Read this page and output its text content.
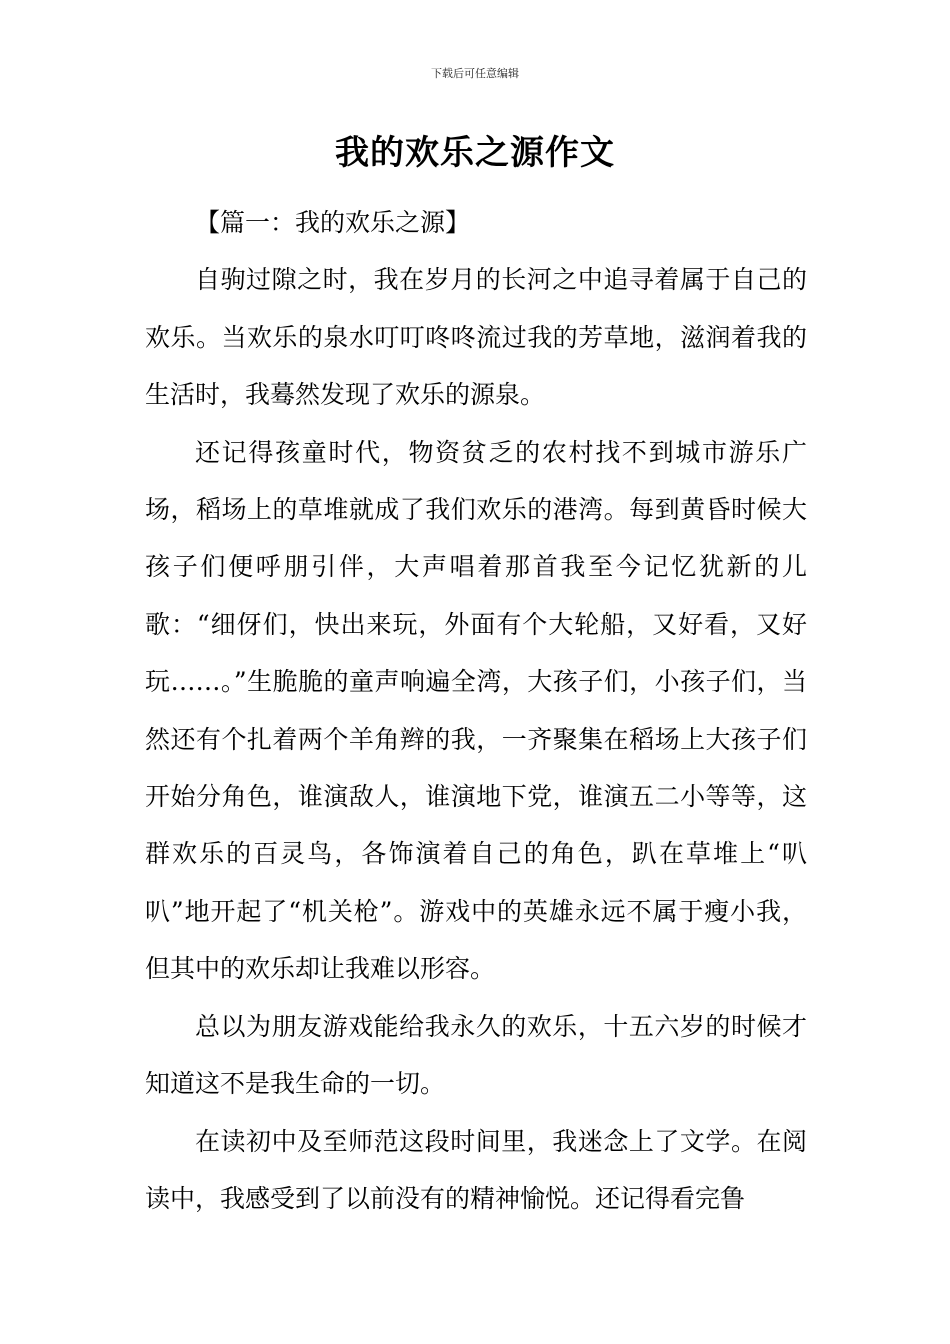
下载后可任意编辑
我的欢乐之源作文

【篇一：我的欢乐之源】

自驹过隙之时，我在岁月的长河之中追寻着属于自己的欢乐。当欢乐的泉水叮叮咚咚流过我的芳草地，滋润着我的生活时，我蓦然发现了欢乐的源泉。

还记得孩童时代，物资贫乏的农村找不到城市游乐广场，稻场上的草堆就成了我们欢乐的港湾。每到黄昏时候大孩子们便呼朋引伴，大声唱着那首我至今记忆犹新的儿歌：“细伢们，快出来玩，外面有个大轮船，又好看，又好玩……。”生脆脆的童声响遍全湾，大孩子们，小孩子们，当然还有个扎着两个羊角辫的我，一齐聚集在稻场上大孩子们开始分角色，谁演敌人，谁演地下党，谁演五二小等等，这群欢乐的百灵鸟，各饰演着自己的角色，趴在草堆上“叭叭”地开起了“机关枪”。游戏中的英雄永远不属于瘦小我，但其中的欢乐却让我难以形容。

总以为朋友游戏能给我永久的欢乐，十五六岁的时候才知道这不是我生命的一切。

在读初中及至师范这段时间里，我迷念上了文学。在阅读中，我感受到了以前没有的精神愉悦。还记得看完鲁
